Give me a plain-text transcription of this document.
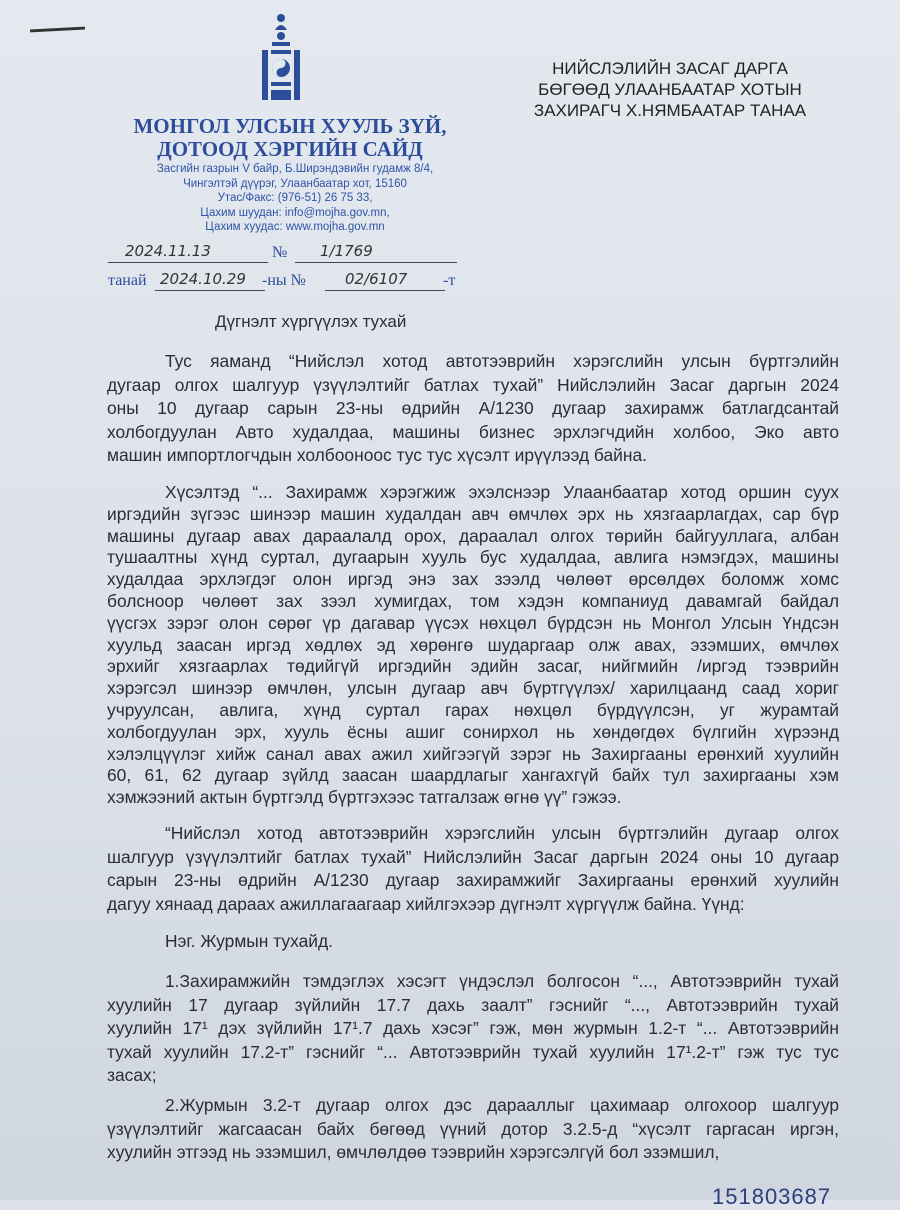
МОНГОЛ УЛСЫН ХУУЛЬ ЗҮЙ,
ДОТООД ХЭРГИЙН САЙД
Засгийн газрын V байр, Б.Ширэндэвийн гудамж 8/4,
Чингэлтэй дүүрэг, Улаанбаатар хот, 15160
Утас/Факс: (976-51) 26 75 33,
Цахим шуудан: info@mojha.gov.mn,
Цахим хуудас: www.mojha.gov.mn
НИЙСЛЭЛИЙН ЗАСАГ ДАРГА
БӨГӨӨД УЛААНБААТАР ХОТЫН
ЗАХИРАГЧ Х.НЯМБААТАР ТАНАА
2024.11.13	№ 1/1769
танай 2024.10.29 -ны №	02/6107 -т
Дүгнэлт хүргүүлэх тухай
Тус яаманд “Нийслэл хотод автотээврийн хэрэгслийн улсын бүртгэлийн
дугаар олгох шалгуур үзүүлэлтийг батлах тухай” Нийслэлийн Засаг даргын 2024
оны 10 дугаар сарын 23-ны өдрийн А/1230 дугаар захирамж батлагдсантай
холбогдуулан Авто худалдаа, машины бизнес эрхлэгчдийн холбоо, Эко авто
машин импортлогчдын холбооноос тус тус хүсэлт ирүүлээд байна.
Хүсэлтэд “... Захирамж хэрэгжиж эхэлснээр Улаанбаатар хотод оршин суух
иргэдийн зүгээс шинээр машин худалдан авч өмчлөх эрх нь хязгаарлагдах, сар бүр
машины дугаар авах дараалалд орох, дараалал олгох төрийн байгууллага, албан
тушаалтны хүнд суртал, дугаарын хууль бус худалдаа, авлига нэмэгдэх, машины
худалдаа эрхлэгдэг олон иргэд энэ зах зээлд чөлөөт өрсөлдөх боломж хомс
болсноор чөлөөт зах зээл хумигдах, том хэдэн компаниуд давамгай байдал
үүсгэх зэрэг олон сөрөг үр дагавар үүсэх нөхцөл бүрдсэн нь Монгол Улсын Үндсэн
хуульд заасан иргэд хөдлөх эд хөрөнгө шударгаар олж авах, эзэмших, өмчлөх
эрхийг хязгаарлах төдийгүй иргэдийн эдийн засаг, нийгмийн /иргэд тээврийн
хэрэгсэл шинээр өмчлөн, улсын дугаар авч бүртгүүлэх/ харилцаанд саад хориг
учруулсан, авлига, хүнд суртал гарах нөхцөл бүрдүүлсэн, уг журамтай
холбогдуулан эрх, хууль ёсны ашиг сонирхол нь хөндөгдөх бүлгийн хүрээнд
хэлэлцүүлэг хийж санал авах ажил хийгээгүй зэрэг нь Захиргааны ерөнхий хуулийн
60, 61, 62 дугаар зүйлд заасан шаардлагыг хангахгүй байх тул захиргааны хэм
хэмжээний актын бүртгэлд бүртгэхээс татгалзаж өгнө үү” гэжээ.
“Нийслэл хотод автотээврийн хэрэгслийн улсын бүртгэлийн дугаар олгох
шалгуур үзүүлэлтийг батлах тухай” Нийслэлийн Засаг даргын 2024 оны 10 дугаар
сарын 23-ны өдрийн А/1230 дугаар захирамжийг Захиргааны ерөнхий хуулийн
дагуу хянаад дараах ажиллагаагаар хийлгэхээр дүгнэлт хүргүүлж байна. Үүнд:
Нэг. Журмын тухайд.
1.Захирамжийн тэмдэглэх хэсэгт үндэслэл болгосон “..., Автотээврийн тухай
хуулийн 17 дугаар зүйлийн 17.7 дахь заалт” гэснийг “..., Автотээврийн тухай
хуулийн 17¹ дэх зүйлийн 17¹.7 дахь хэсэг” гэж, мөн журмын 1.2-т “... Автотээврийн
тухай хуулийн 17.2-т” гэснийг “... Автотээврийн тухай хуулийн 17¹.2-т” гэж тус тус
засах;
2.Журмын 3.2-т дугаар олгох дэс дараалл​ыг цахимаар олгохоор шалгуур
үзүүлэлтийг жагсаасан байх бөгөөд үүний дотор 3.2.5-д “хүсэлт гаргасан иргэн,
хуулийн этгээд нь эзэмшил, өмчлөлдөө тээврийн хэрэгсэлгүй бол эзэмшил,
151803687
